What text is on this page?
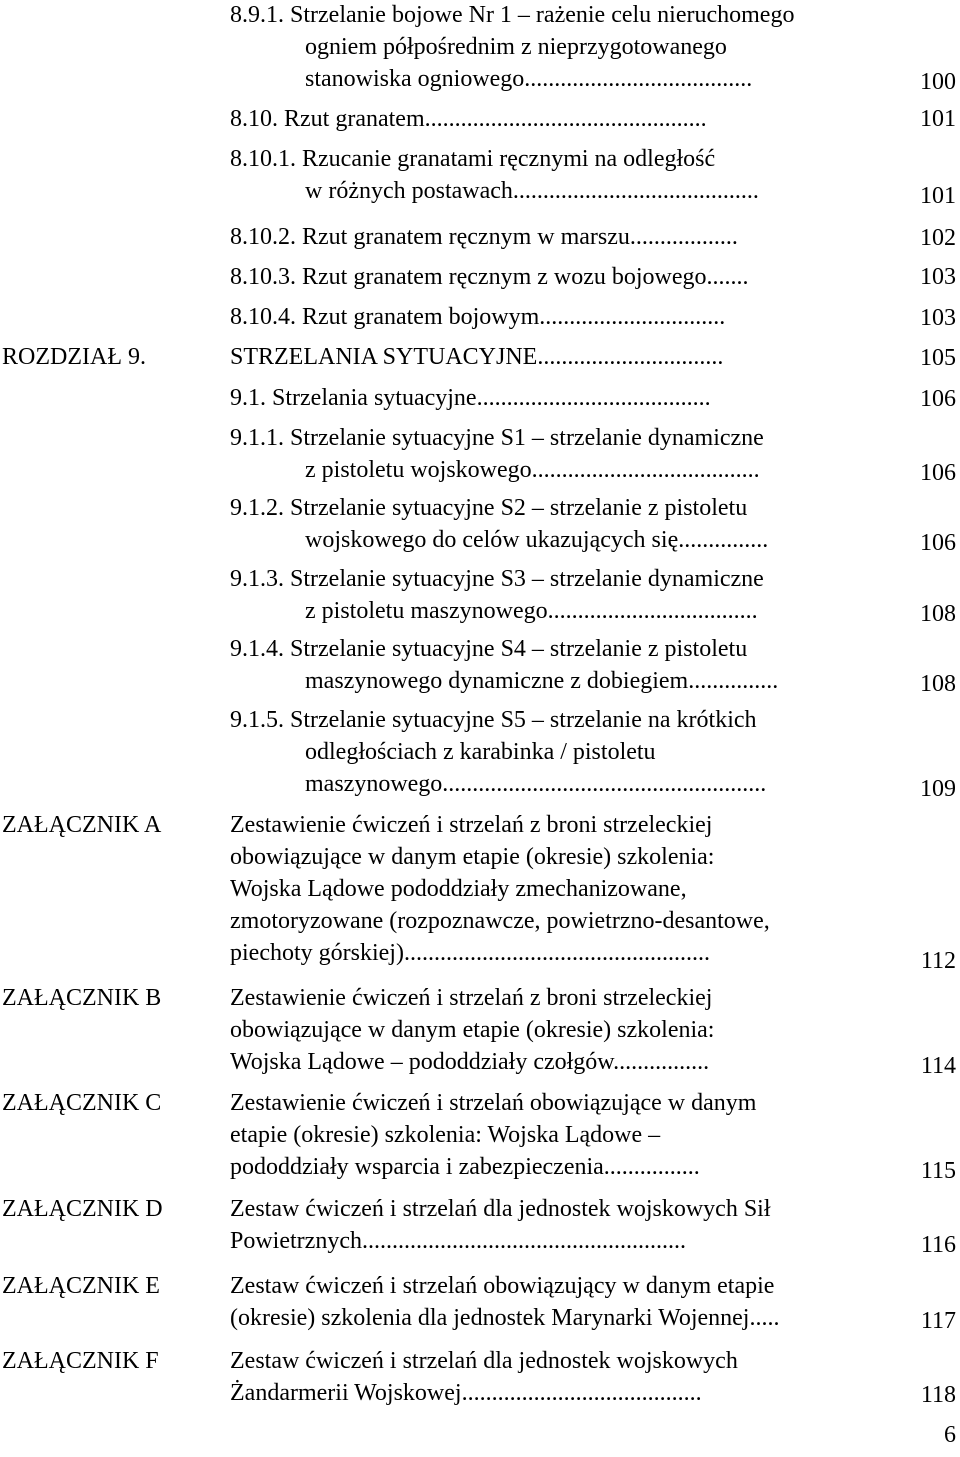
8.9.1. Strzelanie bojowe Nr 1 – rażenie celu nieruchomego
ogniem półpośrednim z nieprzygotowanego
stanowiska ogniowego......................................	100
8.10. Rzut granatem...............................................	101
8.10.1. Rzucanie granatami ręcznymi na odległość
w różnych postawach.........................................	101
8.10.2. Rzut granatem ręcznym w marszu..................	102
8.10.3. Rzut granatem ręcznym z wozu bojowego.......	103
8.10.4. Rzut granatem bojowym...............................	103
ROZDZIAŁ 9.	STRZELANIA SYTUACYJNE...............................	105
9.1. Strzelania sytuacyjne.......................................	106
9.1.1. Strzelanie sytuacyjne S1 – strzelanie dynamiczne
z pistoletu wojskowego......................................	106
9.1.2. Strzelanie sytuacyjne S2 – strzelanie z pistoletu
wojskowego do celów ukazujących się...............	106
9.1.3. Strzelanie sytuacyjne S3 – strzelanie dynamiczne
z pistoletu maszynowego...................................	108
9.1.4. Strzelanie sytuacyjne S4 – strzelanie z pistoletu
maszynowego dynamiczne z dobiegiem...............	108
9.1.5. Strzelanie sytuacyjne S5 – strzelanie na krótkich
odległościach z karabinka / pistoletu
maszynowego......................................................	109
ZAŁĄCZNIK A	Zestawienie ćwiczeń i strzelań z broni strzeleckiej
obowiązujące w danym etapie (okresie) szkolenia:
Wojska Lądowe pododdziały zmechanizowane,
zmotoryzowane (rozpoznawcze, powietrzno-desantowe,
piechoty górskiej)...................................................	112
ZAŁĄCZNIK B	Zestawienie ćwiczeń i strzelań z broni strzeleckiej
obowiązujące w danym etapie (okresie) szkolenia:
Wojska Lądowe – pododdziały czołgów................	114
ZAŁĄCZNIK C	Zestawienie ćwiczeń i strzelań obowiązujące w danym
etapie (okresie) szkolenia: Wojska Lądowe –
pododdziały wsparcia i zabezpieczenia................	115
ZAŁĄCZNIK D	Zestaw ćwiczeń i strzelań dla jednostek wojskowych Sił
Powietrznych......................................................	116
ZAŁĄCZNIK E	Zestaw ćwiczeń i strzelań obowiązujący w danym etapie
(okresie) szkolenia dla jednostek Marynarki Wojennej.....	117
ZAŁĄCZNIK F	Zestaw ćwiczeń i strzelań dla jednostek wojskowych
Żandarmerii Wojskowej........................................	118
6
